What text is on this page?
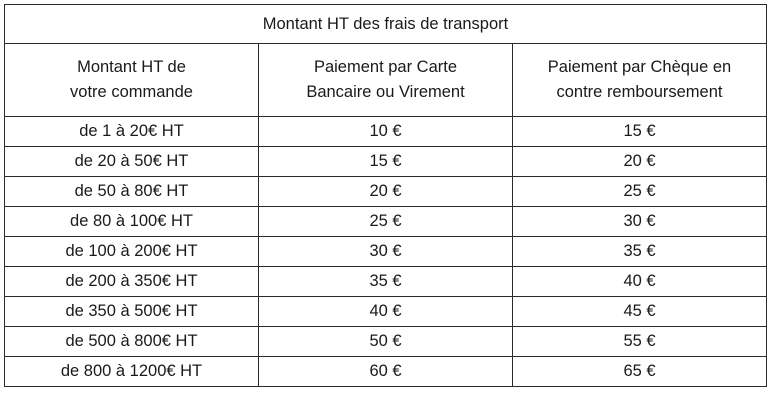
Montant HT des frais de transport		
Montant HT de votre commande	Paiement par Carte Bancaire ou Virement	Paiement par Chèque en contre remboursement
de 1 à 20€ HT	10 €	15 €
de 20 à 50€ HT	15 €	20 €
de 50 à 80€ HT	20 €	25 €
de 80 à 100€ HT	25 €	30 €
de 100 à 200€ HT	30 €	35 €
de 200 à 350€ HT	35 €	40 €
de 350 à 500€ HT	40 €	45 €
de 500 à 800€ HT	50 €	55 €
de 800 à 1200€ HT	60 €	65 €
